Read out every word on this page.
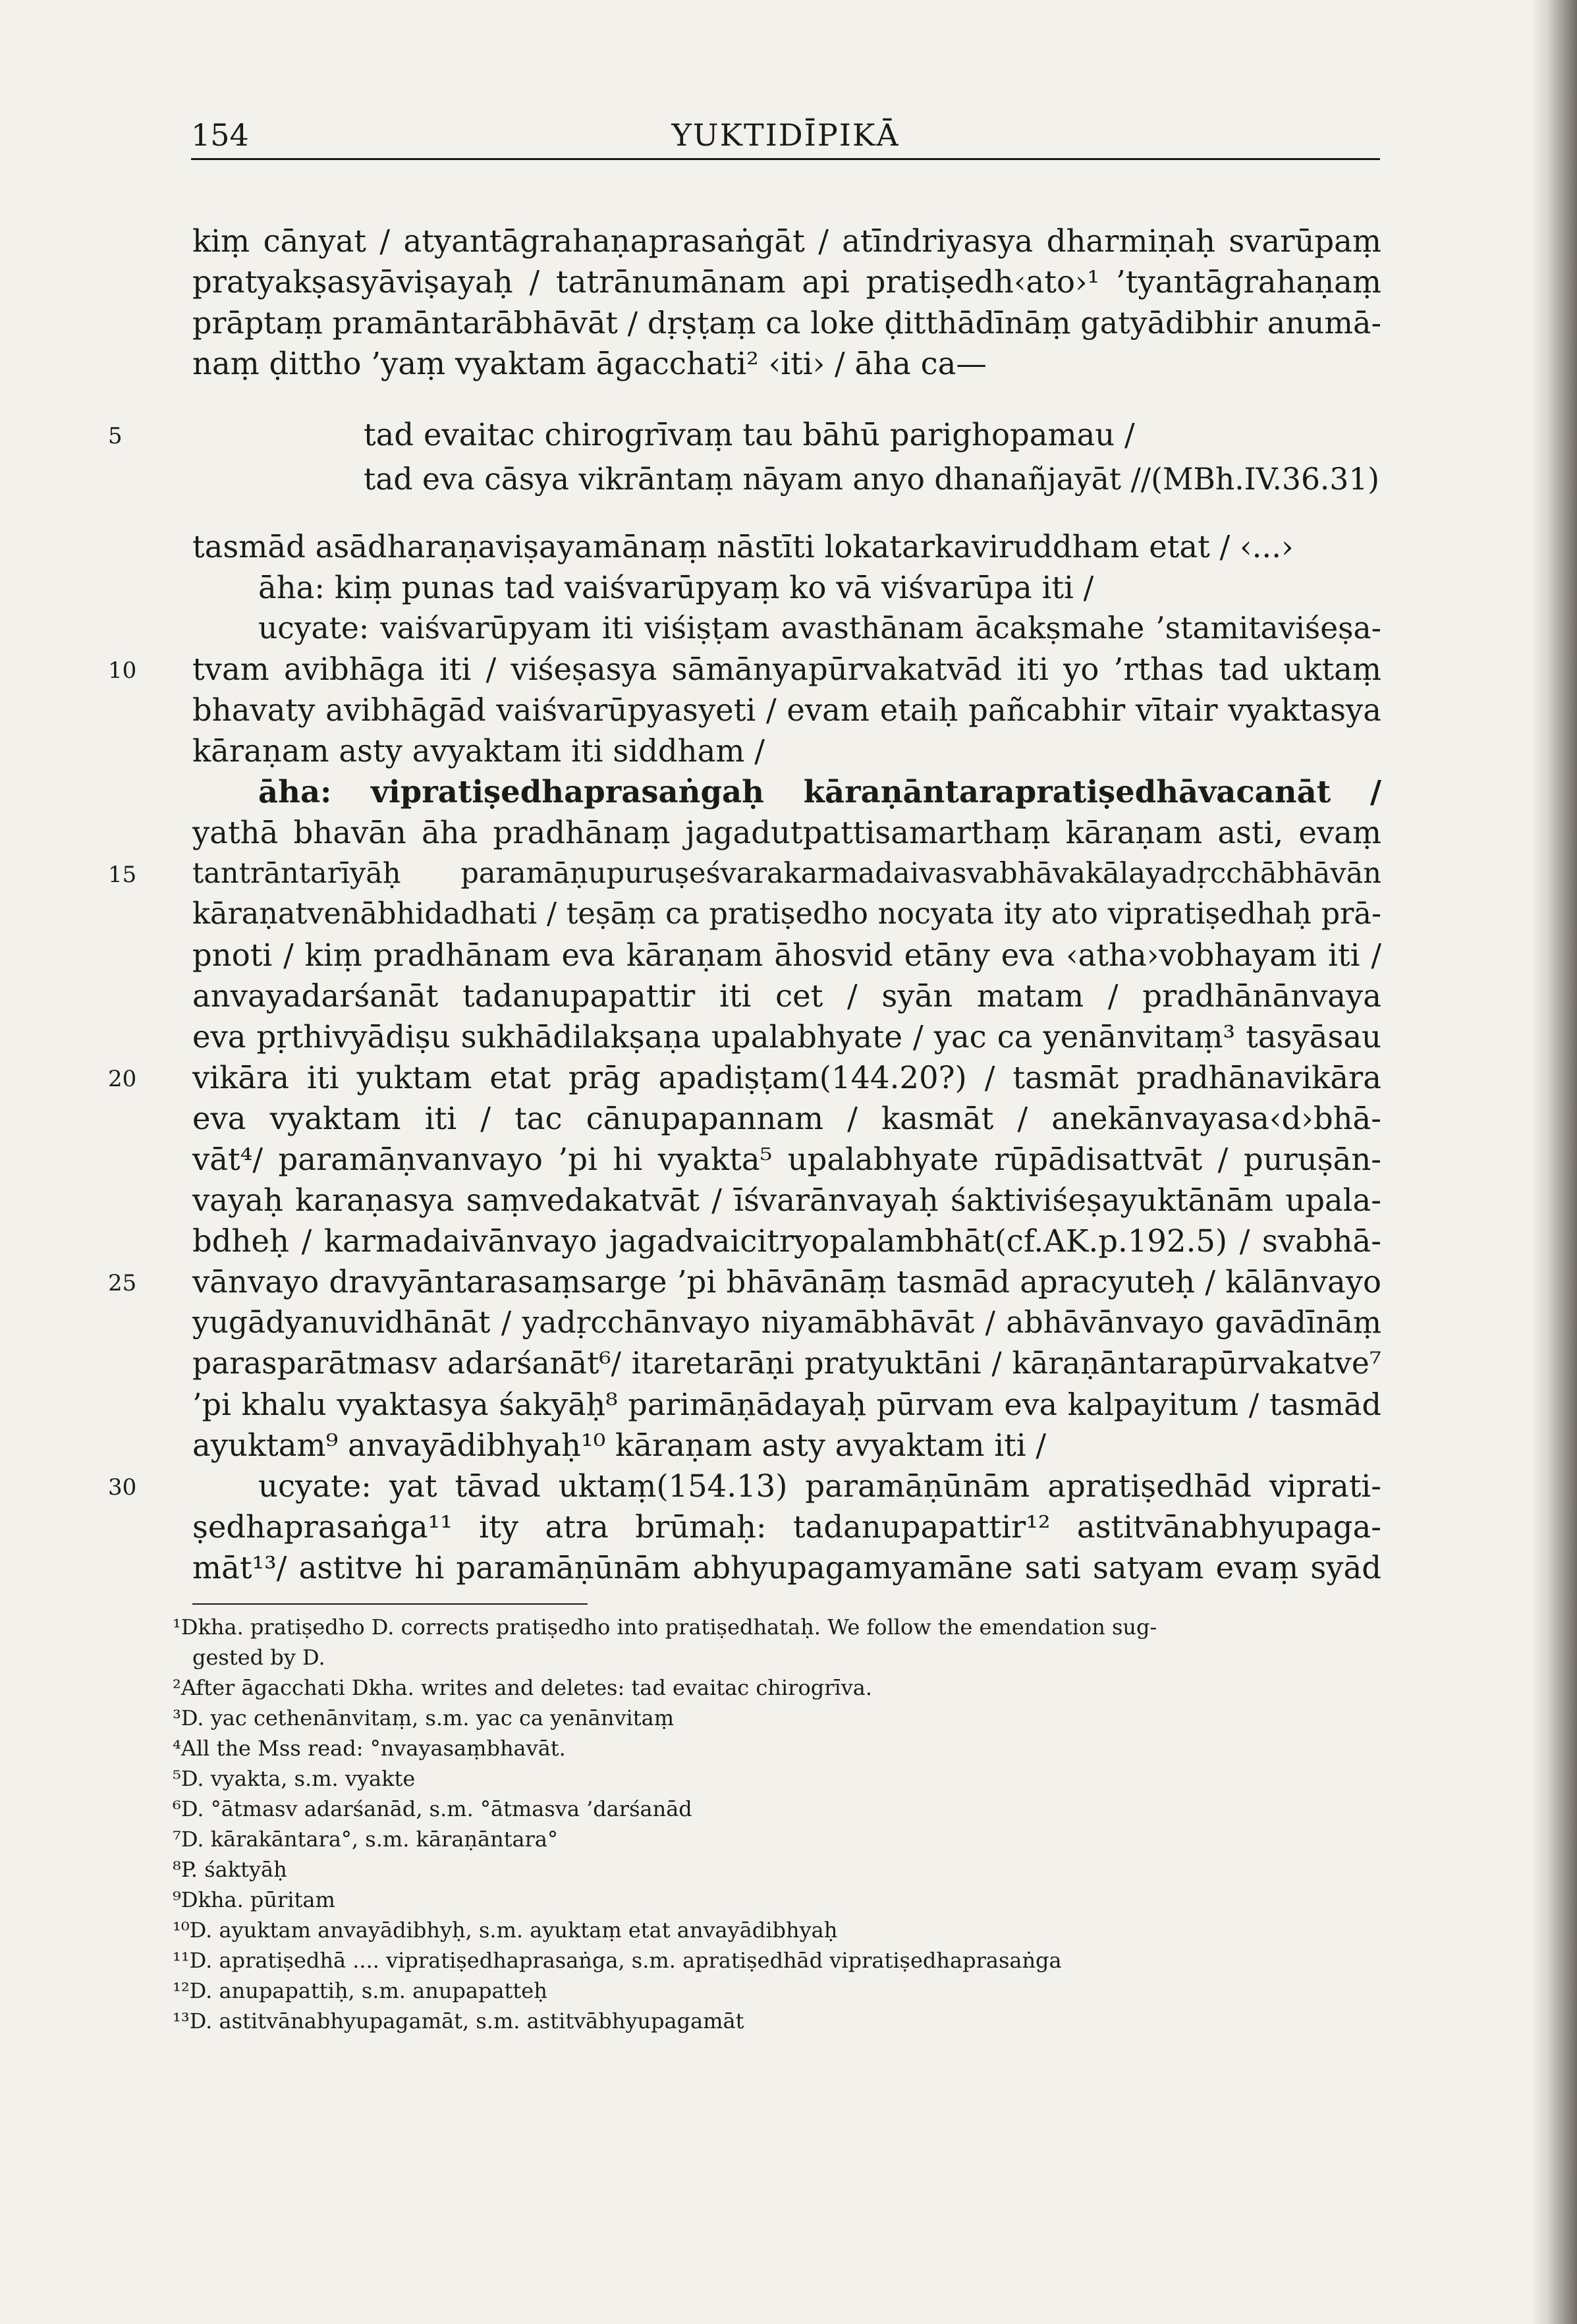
154	YUKTIDĪPIKĀ
5
10
15
20
25
30
kiṃ cānyat / atyantāgrahaṇaprasaṅgāt / atīndriyasya dharmiṇaḥ svarūpaṃ
pratyakṣasyāviṣayaḥ / tatrānumānam api pratiṣedh‹ato›¹ ’tyantāgrahaṇaṃ
prāptaṃ pramāntarābhāvāt / dṛṣṭaṃ ca loke ḍitthādīnāṃ gatyādibhir anumā-
naṃ ḍittho ’yaṃ vyaktam āgacchati² ‹iti› / āha ca—
tad evaitac chirogrīvaṃ tau bāhū parighopamau /
tad eva cāsya vikrāntaṃ nāyam anyo dhanañjayāt //(MBh.IV.36.31)
tasmād asādharaṇaviṣayamānaṃ nāstīti lokatarkaviruddham etat / ‹...›
āha: kiṃ punas tad vaiśvarūpyaṃ ko vā viśvarūpa iti /
ucyate: vaiśvarūpyam iti viśiṣṭam avasthānam ācakṣmahe ’stamitaviśeṣa-
tvam avibhāga iti / viśeṣasya sāmānyapūrvakatvād iti yo ’rthas tad uktaṃ
bhavaty avibhāgād vaiśvarūpyasyeti / evam etaiḥ pañcabhir vītair vyaktasya
kāraṇam asty avyaktam iti siddham /
āha: vipratiṣedhaprasaṅgaḥ kāraṇāntarapratiṣedhāvacanāt /
yathā bhavān āha pradhānaṃ jagadutpattisamarthaṃ kāraṇam asti, evaṃ
tantrāntarīyāḥ paramāṇupuruṣeśvarakarmadaivasvabhāvakālayadṛcchābhāvān
kāraṇatvenābhidadhati / teṣāṃ ca pratiṣedho nocyata ity ato vipratiṣedhaḥ prā-
pnoti / kiṃ pradhānam eva kāraṇam āhosvid etāny eva ‹atha›vobhayam iti /
anvayadarśanāt tadanupapattir iti cet / syān matam / pradhānānvaya
eva pṛthivyādiṣu sukhādilakṣaṇa upalabhyate / yac ca yenānvitaṃ³ tasyāsau
vikāra iti yuktam etat prāg apadiṣṭam(144.20?) / tasmāt pradhānavikāra
eva vyaktam iti / tac cānupapannam / kasmāt / anekānvayasa‹d›bhā-
vāt⁴/ paramāṇvanvayo ’pi hi vyakta⁵ upalabhyate rūpādisattvāt / puruṣān-
vayaḥ karaṇasya saṃvedakatvāt / īśvarānvayaḥ śaktiviśeṣayuktānām upala-
bdheḥ / karmadaivānvayo jagadvaicitryopalambhāt(cf.AK.p.192.5) / svabhā-
vānvayo dravyāntarasaṃsarge ’pi bhāvānāṃ tasmād apracyuteḥ / kālānvayo
yugādyanuvidhānāt / yadṛcchānvayo niyamābhāvāt / abhāvānvayo gavādīnāṃ
parasparātmasv adarśanāt⁶/ itaretarāṇi pratyuktāni / kāraṇāntarapūrvakatve⁷
’pi khalu vyaktasya śakyāḥ⁸ parimāṇādayaḥ pūrvam eva kalpayitum / tasmād
ayuktam⁹ anvayādibhyaḥ¹⁰ kāraṇam asty avyaktam iti /
ucyate: yat tāvad uktaṃ(154.13) paramāṇūnām apratiṣedhād viprati-
ṣedhaprasaṅga¹¹ ity atra brūmaḥ: tadanupapattir¹² astitvānabhyupaga-
māt¹³/ astitve hi paramāṇūnām abhyupagamyamāne sati satyam evaṃ syād
¹Dkha. pratiṣedho D. corrects pratiṣedho into pratiṣedhataḥ. We follow the emendation sug-
gested by D.
²After āgacchati Dkha. writes and deletes: tad evaitac chirogrīva.
³D. yac cethenānvitaṃ, s.m. yac ca yenānvitaṃ
⁴All the Mss read: °nvayasaṃbhavāt.
⁵D. vyakta, s.m. vyakte
⁶D. °ātmasv adarśanād, s.m. °ātmasva ’darśanād
⁷D. kārakāntara°, s.m. kāraṇāntara°
⁸P. śaktyāḥ
⁹Dkha. pūritam
¹⁰D. ayuktam anvayādibhyḥ, s.m. ayuktaṃ etat anvayādibhyaḥ
¹¹D. apratiṣedhā .... vipratiṣedhaprasaṅga, s.m. apratiṣedhād vipratiṣedhaprasaṅga
¹²D. anupapattiḥ, s.m. anupapatteḥ
¹³D. astitvānabhyupagamāt, s.m. astitvābhyupagamāt
